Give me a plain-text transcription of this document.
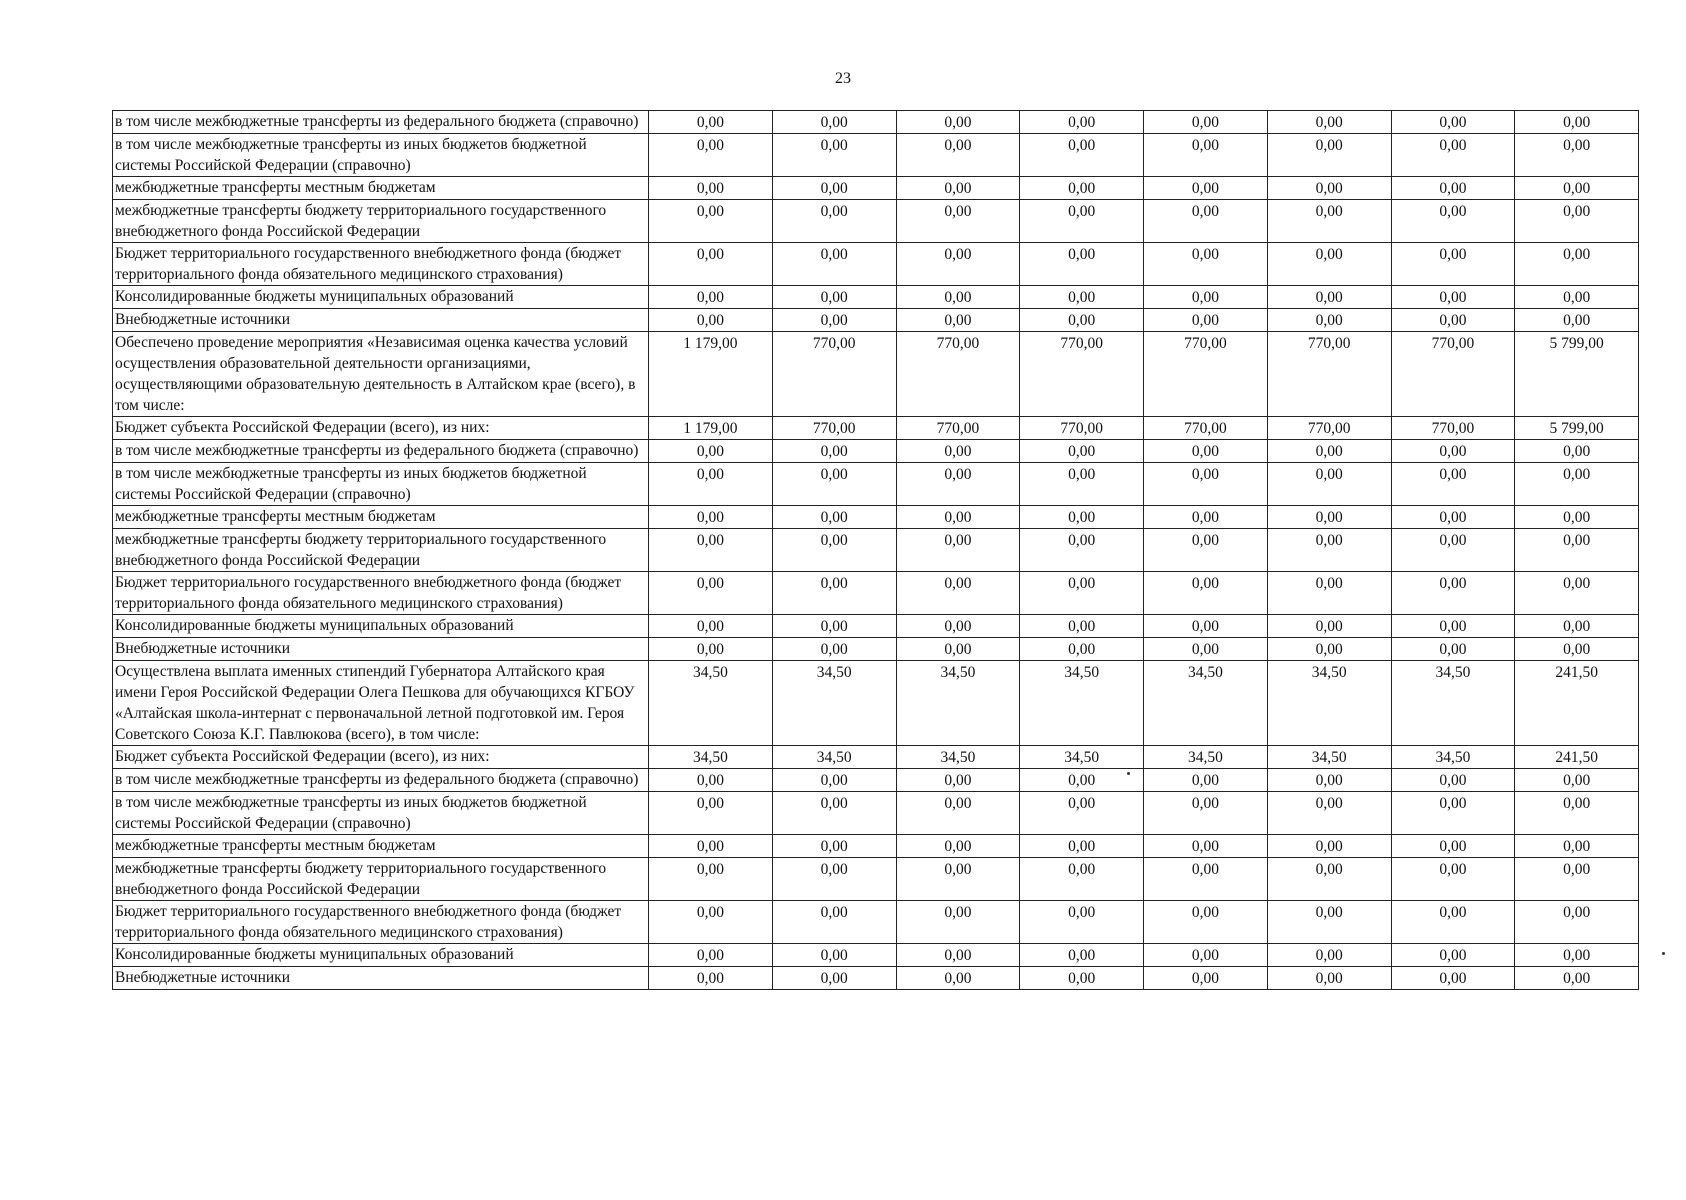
23
в том числе межбюджетные трансферты из федерального бюджета (справочно)	0,00	0,00	0,00	0,00	0,00	0,00	0,00	0,00
в том числе межбюджетные трансферты из иных бюджетов бюджетной системы Российской Федерации (справочно)	0,00	0,00	0,00	0,00	0,00	0,00	0,00	0,00
межбюджетные трансферты местным бюджетам	0,00	0,00	0,00	0,00	0,00	0,00	0,00	0,00
межбюджетные трансферты бюджету территориального государственного внебюджетного фонда Российской Федерации	0,00	0,00	0,00	0,00	0,00	0,00	0,00	0,00
Бюджет территориального государственного внебюджетного фонда (бюджет территориального фонда обязательного медицинского страхования)	0,00	0,00	0,00	0,00	0,00	0,00	0,00	0,00
Консолидированные бюджеты муниципальных образований	0,00	0,00	0,00	0,00	0,00	0,00	0,00	0,00
Внебюджетные источники	0,00	0,00	0,00	0,00	0,00	0,00	0,00	0,00
Обеспечено проведение мероприятия «Независимая оценка качества условий осуществления образовательной деятельности организациями, осуществляющими образовательную деятельность в Алтайском крае (всего), в том числе:	1 179,00	770,00	770,00	770,00	770,00	770,00	770,00	5 799,00
Бюджет субъекта Российской Федерации (всего), из них:	1 179,00	770,00	770,00	770,00	770,00	770,00	770,00	5 799,00
в том числе межбюджетные трансферты из федерального бюджета (справочно)	0,00	0,00	0,00	0,00	0,00	0,00	0,00	0,00
в том числе межбюджетные трансферты из иных бюджетов бюджетной системы Российской Федерации (справочно)	0,00	0,00	0,00	0,00	0,00	0,00	0,00	0,00
межбюджетные трансферты местным бюджетам	0,00	0,00	0,00	0,00	0,00	0,00	0,00	0,00
межбюджетные трансферты бюджету территориального государственного внебюджетного фонда Российской Федерации	0,00	0,00	0,00	0,00	0,00	0,00	0,00	0,00
Бюджет территориального государственного внебюджетного фонда (бюджет территориального фонда обязательного медицинского страхования)	0,00	0,00	0,00	0,00	0,00	0,00	0,00	0,00
Консолидированные бюджеты муниципальных образований	0,00	0,00	0,00	0,00	0,00	0,00	0,00	0,00
Внебюджетные источники	0,00	0,00	0,00	0,00	0,00	0,00	0,00	0,00
Осуществлена выплата именных стипендий Губернатора Алтайского края имени Героя Российской Федерации Олега Пешкова для обучающихся КГБОУ «Алтайская школа-интернат с первоначальной летной подготовкой им. Героя Советского Союза К.Г. Павлюкова (всего), в том числе:	34,50	34,50	34,50	34,50	34,50	34,50	34,50	241,50
Бюджет субъекта Российской Федерации (всего), из них:	34,50	34,50	34,50	34,50	34,50	34,50	34,50	241,50
в том числе межбюджетные трансферты из федерального бюджета (справочно)	0,00	0,00	0,00	0,00	0,00	0,00	0,00	0,00
в том числе межбюджетные трансферты из иных бюджетов бюджетной системы Российской Федерации (справочно)	0,00	0,00	0,00	0,00	0,00	0,00	0,00	0,00
межбюджетные трансферты местным бюджетам	0,00	0,00	0,00	0,00	0,00	0,00	0,00	0,00
межбюджетные трансферты бюджету территориального государственного внебюджетного фонда Российской Федерации	0,00	0,00	0,00	0,00	0,00	0,00	0,00	0,00
Бюджет территориального государственного внебюджетного фонда (бюджет территориального фонда обязательного медицинского страхования)	0,00	0,00	0,00	0,00	0,00	0,00	0,00	0,00
Консолидированные бюджеты муниципальных образований	0,00	0,00	0,00	0,00	0,00	0,00	0,00	0,00
Внебюджетные источники	0,00	0,00	0,00	0,00	0,00	0,00	0,00	0,00
